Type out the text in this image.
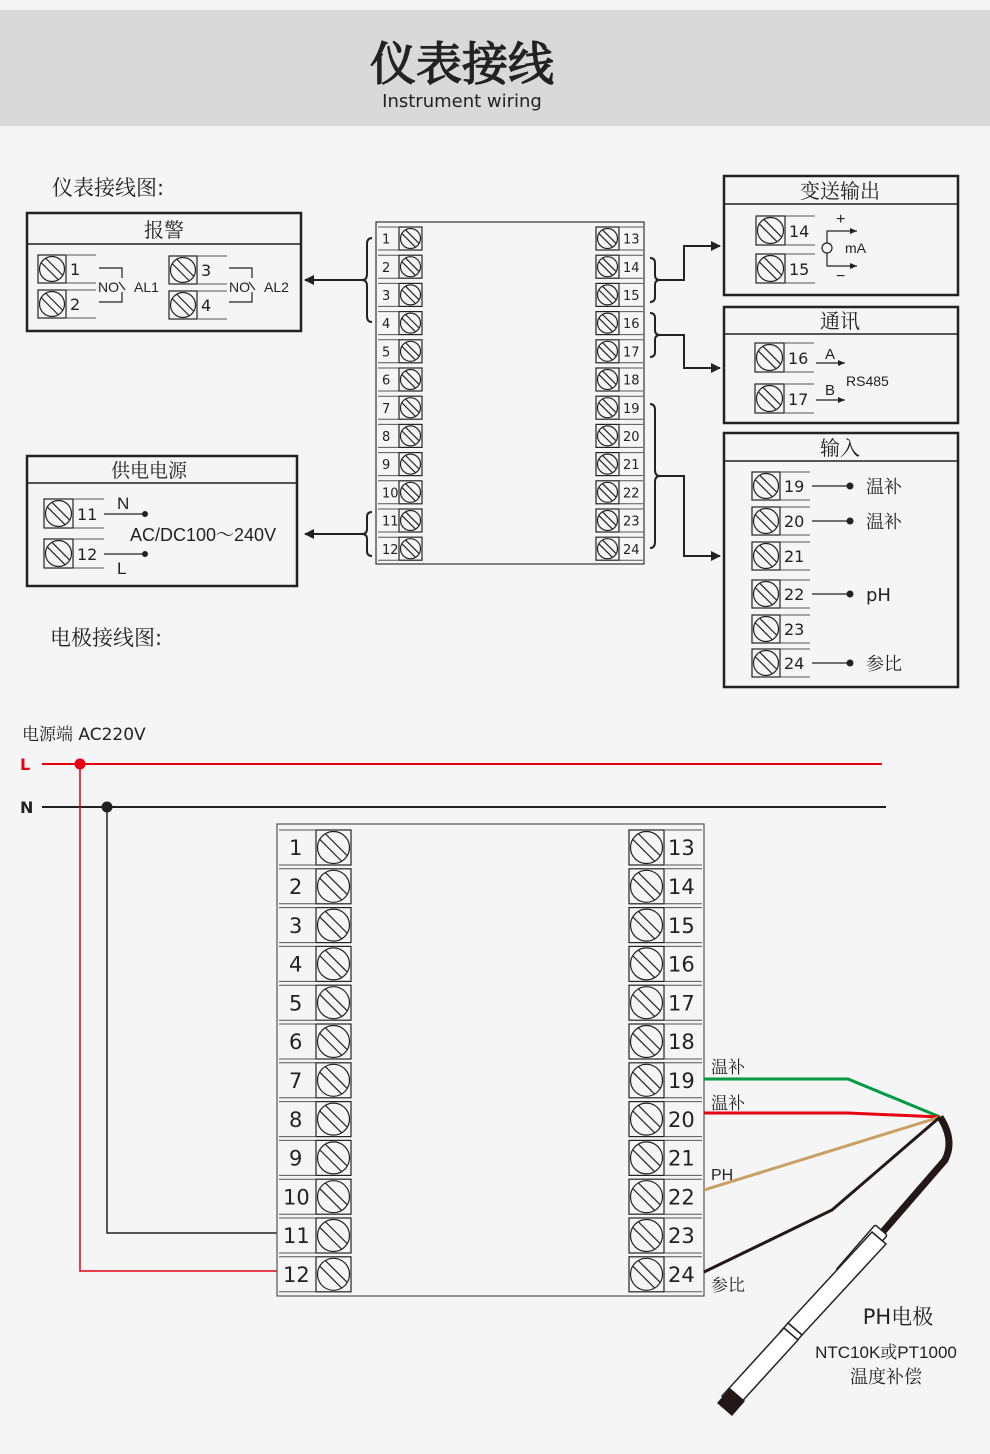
仪表接线
Instrument wiring
仪表接线图:
1
2
3
4
5
6
7
8
9
10
11
12
13
14
15
16
17
18
19
20
21
22
23
24
报警
1
2
3
4
NO AL1	NO AL2
供电电源
11
12
N
L
AC/DC100～240V
变送输出
14
15
+
−
mA
通讯
16
17
A
B
RS485
输入
19	温补
20	温补
21
22	pH
23
24	参比
电极接线图:
电源端 AC220V
L
N
1
2
3
4
5
6
7
8
9
10
11
12
13
14
15
16
17
18
19
20
21
22
23
24
温补
温补
PH
参比
PH电极
NTC10K或PT1000
温度补偿
